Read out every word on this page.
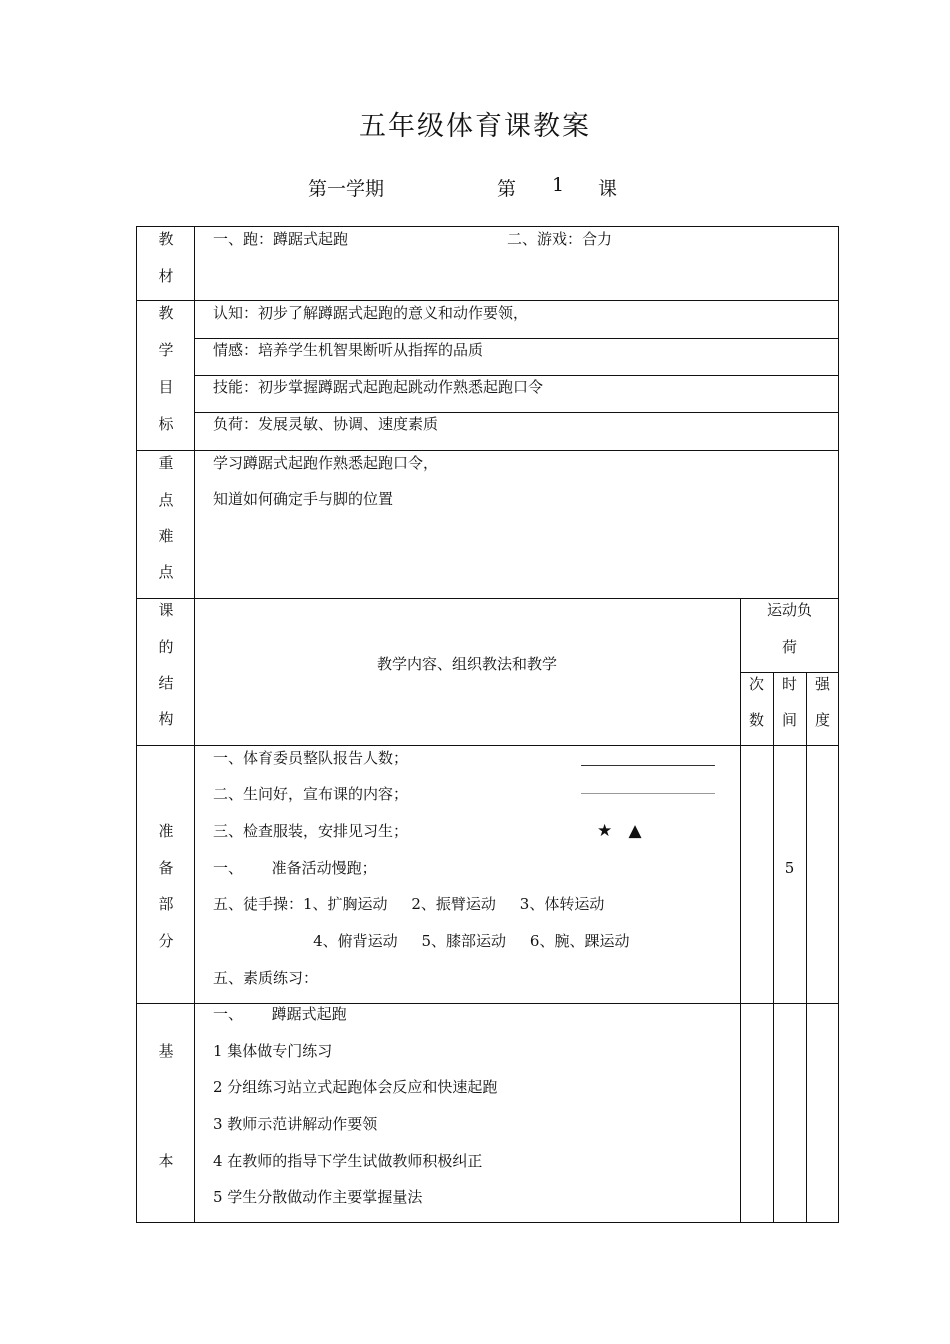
五年级体育课教案
第一学期	第 1 课
教
材
一、跑：蹲踞式起跑	二、游戏：合力
教
学
目
标
认知：初步了解蹲踞式起跑的意义和动作要领，
情感：培养学生机智果断听从指挥的品质
技能：初步掌握蹲踞式起跑起跳动作熟悉起跑口令
负荷：发展灵敏、协调、速度素质
重
点
难
点
学习蹲踞式起跑作熟悉起跑口令，
知道如何确定手与脚的位置
课
的
结
构
教学内容、组织教法和教学
运动负
荷
次
数
时
间
强
度
准
备
部
分
一、体育委员整队报告人数；
二、生问好，宣布课的内容；
三、检查服装，安排见习生；
一、      准备活动慢跑；
五、徒手操：1、扩胸运动     2、振臂运动     3、体转运动
4、俯背运动     5、膝部运动     6、腕、踝运动
五、素质练习：
★   ▲
5
基
本
一、      蹲踞式起跑
1 集体做专门练习
2 分组练习站立式起跑体会反应和快速起跑
3 教师示范讲解动作要领
4 在教师的指导下学生试做教师积极纠正
5 学生分散做动作主要掌握量法
